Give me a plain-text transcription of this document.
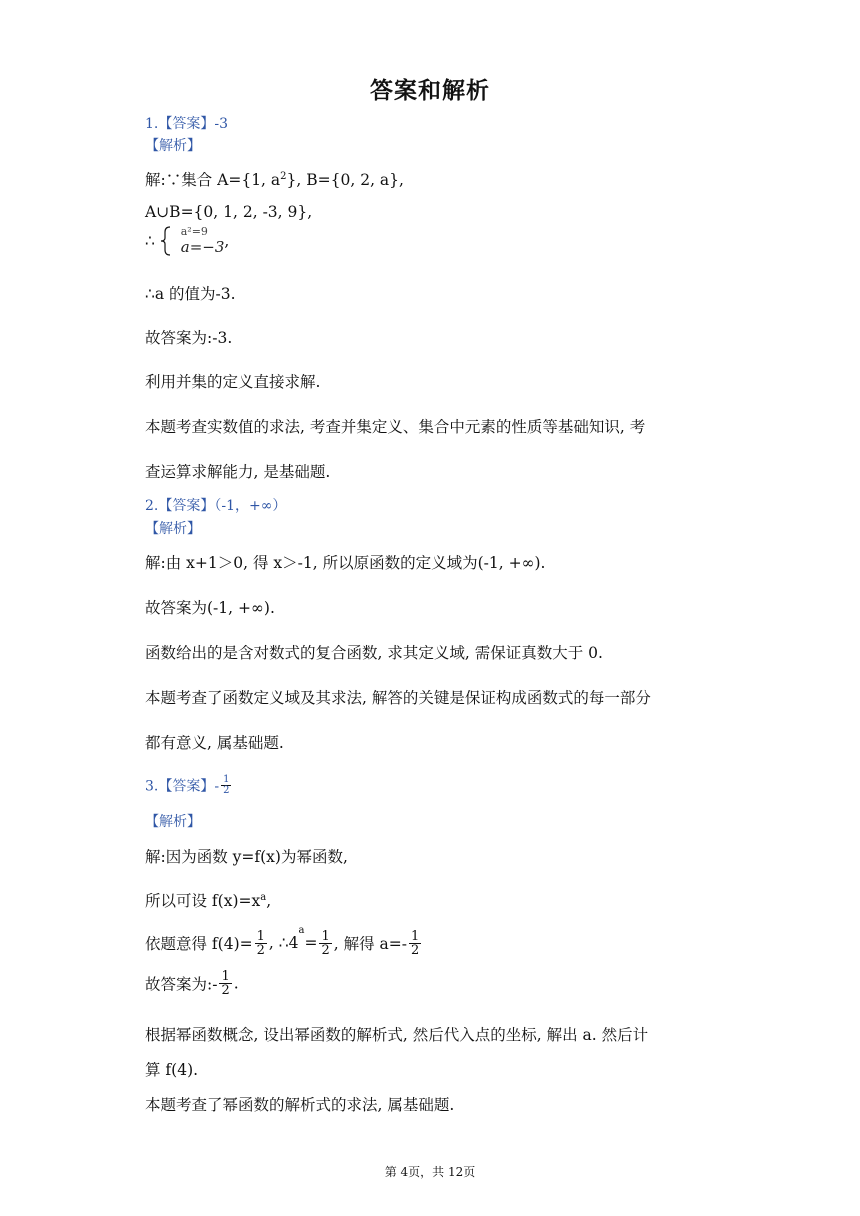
答案和解析
1.【答案】-3
【解析】
解:∵集合 A={1, $a^2$}, B={0, 2, a},
A∪B={0, 1, 2, -3, 9},
∴
a²=9
a=−3 ,
∴a 的值为-3.
故答案为:-3.
利用并集的定义直接求解.
本题考查实数值的求法, 考查并集定义、集合中元素的性质等基础知识, 考
查运算求解能力, 是基础题.
2.【答案】（-1，+∞）
【解析】
解:由 x+1＞0, 得 x＞-1, 所以原函数的定义域为(-1, +∞).
故答案为(-1, +∞).
函数给出的是含对数式的复合函数, 求其定义域, 需保证真数大于 0.
本题考查了函数定义域及其求法, 解答的关键是保证构成函数式的每一部分
都有意义, 属基础题.
3.【答案】- $\frac{1}{2}$
【解析】
解:因为函数 y=f(x)为幂函数,
所以可设 $f(x)=x^a$,
依题意得 $f(4)= \frac{1}{2}$ , $\therefore 4^a= \frac{1}{2}$ , 解得 $a=- \frac{1}{2}$
故答案为:- $\frac{1}{2}$ .
根据幂函数概念, 设出幂函数的解析式, 然后代入点的坐标, 解出 a. 然后计
算 f(4).
本题考查了幂函数的解析式的求法, 属基础题.
第 4页，共 12页
